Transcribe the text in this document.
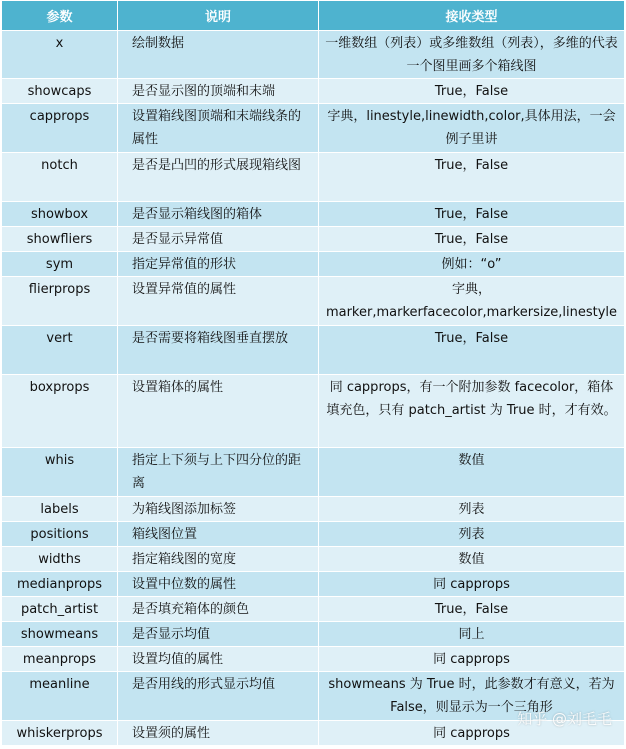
参数	说明	接收类型
x	绘制数据	一维数组（列表）或多维数组（列表），多维的代表一个图里画多个箱线图
showcaps	是否显示图的顶端和末端	True，False
capprops	设置箱线图顶端和末端线条的属性	字典，linestyle,linewidth,color,具体用法，一会例子里讲
notch	是否是凸凹的形式展现箱线图	True，False
showbox	是否显示箱线图的箱体	True，False
showfliers	是否显示异常值	True，False
sym	指定异常值的形状	例如：“o”
flierprops	设置异常值的属性	字典，marker,markerfacecolor,markersize,linestyle
vert	是否需要将箱线图垂直摆放	True，False
boxprops	设置箱体的属性	同 capprops，有一个附加参数 facecolor，箱体填充色，只有 patch_artist 为 True 时，才有效。
whis	指定上下须与上下四分位的距离	数值
labels	为箱线图添加标签	列表
positions	箱线图位置	列表
widths	指定箱线图的宽度	数值
medianprops	设置中位数的属性	同 capprops
patch_artist	是否填充箱体的颜色	True，False
showmeans	是否显示均值	同上
meanprops	设置均值的属性	同 capprops
meanline	是否用线的形式显示均值	showmeans 为 True 时，此参数才有意义，若为 False，则显示为一个三角形
whiskerprops	设置须的属性	同 capprops
知乎 @刘毛毛
